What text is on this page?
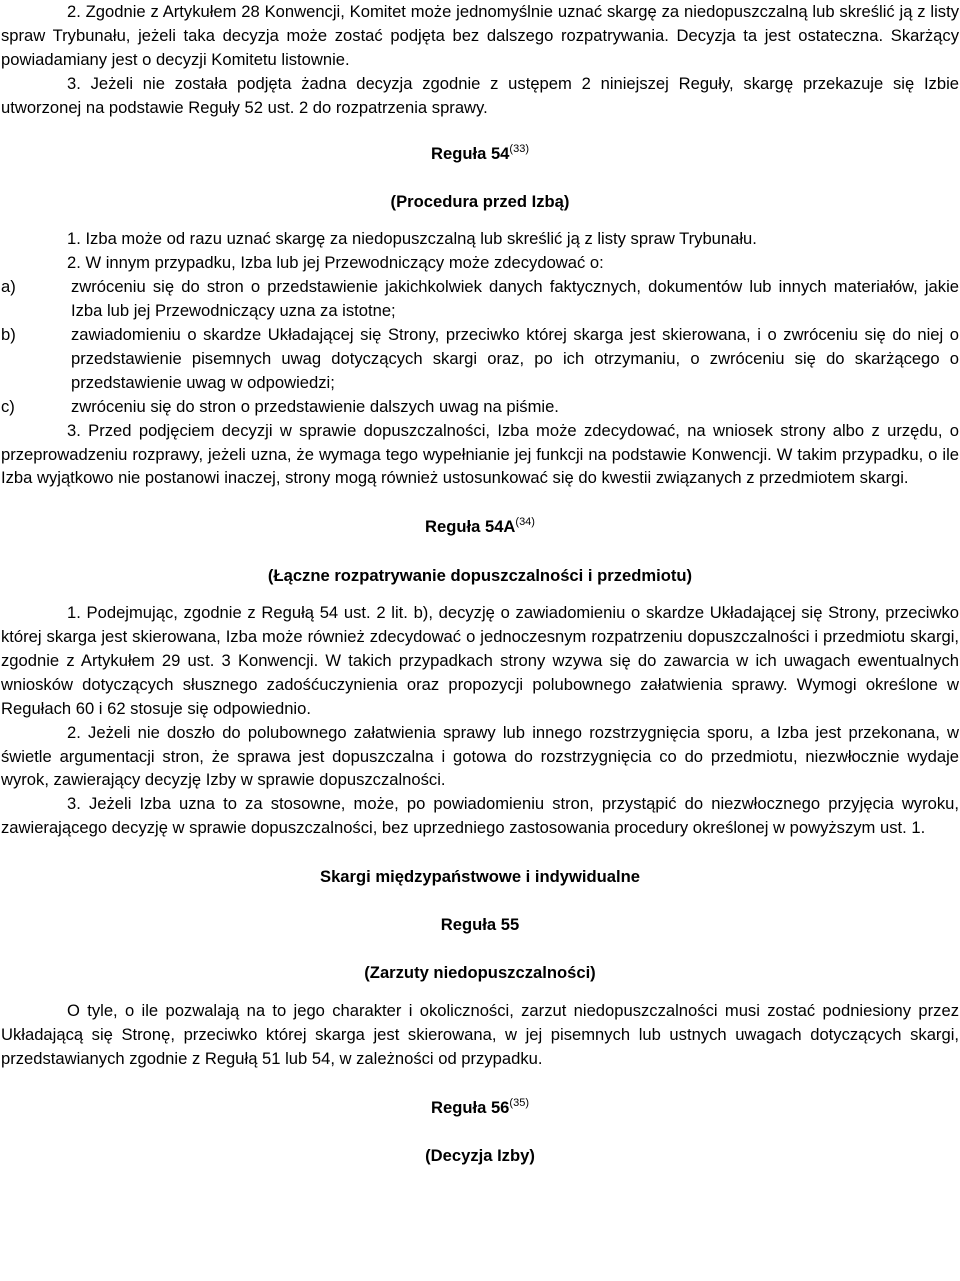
2. Zgodnie z Artykułem 28 Konwencji, Komitet może jednomyślnie uznać skargę za niedopuszczalną lub skreślić ją z listy spraw Trybunału, jeżeli taka decyzja może zostać podjęta bez dalszego rozpatrywania. Decyzja ta jest ostateczna. Skarżący powiadamiany jest o decyzji Komitetu listownie.

3. Jeżeli nie została podjęta żadna decyzja zgodnie z ustępem 2 niniejszej Reguły, skargę przekazuje się Izbie utworzonej na podstawie Reguły 52 ust. 2 do rozpatrzenia sprawy.

Reguła 54$^{(33)}$

(Procedura przed Izbą)

1. Izba może od razu uznać skargę za niedopuszczalną lub skreślić ją z listy spraw Trybunału.

2. W innym przypadku, Izba lub jej Przewodniczący może zdecydować o:

a)	zwróceniu się do stron o przedstawienie jakichkolwiek danych faktycznych, dokumentów lub innych materiałów, jakie Izba lub jej Przewodniczący uzna za istotne;

b)	zawiadomieniu o skardze Układającej się Strony, przeciwko której skarga jest skierowana, i o zwróceniu się do niej o przedstawienie pisemnych uwag dotyczących skargi oraz, po ich otrzymaniu, o zwróceniu się do skarżącego o przedstawienie uwag w odpowiedzi;

c)	zwróceniu się do stron o przedstawienie dalszych uwag na piśmie.

3. Przed podjęciem decyzji w sprawie dopuszczalności, Izba może zdecydować, na wniosek strony albo z urzędu, o przeprowadzeniu rozprawy, jeżeli uzna, że wymaga tego wypełnianie jej funkcji na podstawie Konwencji. W takim przypadku, o ile Izba wyjątkowo nie postanowi inaczej, strony mogą również ustosunkować się do kwestii związanych z przedmiotem skargi.

Reguła $54A^{(34)}$

(Łączne rozpatrywanie dopuszczalności i przedmiotu)

1. Podejmując, zgodnie z Regułą 54 ust. 2 lit. b), decyzję o zawiadomieniu o skardze Układającej się Strony, przeciwko której skarga jest skierowana, Izba może również zdecydować o jednoczesnym rozpatrzeniu dopuszczalności i przedmiotu skargi, zgodnie z Artykułem 29 ust. 3 Konwencji. W takich przypadkach strony wzywa się do zawarcia w ich uwagach ewentualnych wniosków dotyczących słusznego zadośćuczynienia oraz propozycji polubownego załatwienia sprawy. Wymogi określone w Regułach 60 i 62 stosuje się odpowiednio.

2. Jeżeli nie doszło do polubownego załatwienia sprawy lub innego rozstrzygnięcia sporu, a Izba jest przekonana, w świetle argumentacji stron, że sprawa jest dopuszczalna i gotowa do rozstrzygnięcia co do przedmiotu, niezwłocznie wydaje wyrok, zawierający decyzję Izby w sprawie dopuszczalności.

3. Jeżeli Izba uzna to za stosowne, może, po powiadomieniu stron, przystąpić do niezwłocznego przyjęcia wyroku, zawierającego decyzję w sprawie dopuszczalności, bez uprzedniego zastosowania procedury określonej w powyższym ust. 1.

Skargi międzypaństwowe i indywidualne

Reguła 55

(Zarzuty niedopuszczalności)

O tyle, o ile pozwalają na to jego charakter i okoliczności, zarzut niedopuszczalności musi zostać podniesiony przez Układającą się Stronę, przeciwko której skarga jest skierowana, w jej pisemnych lub ustnych uwagach dotyczących skargi, przedstawianych zgodnie z Regułą 51 lub 54, w zależności od przypadku.

Reguła 56$^{(35)}$

(Decyzja Izby)
